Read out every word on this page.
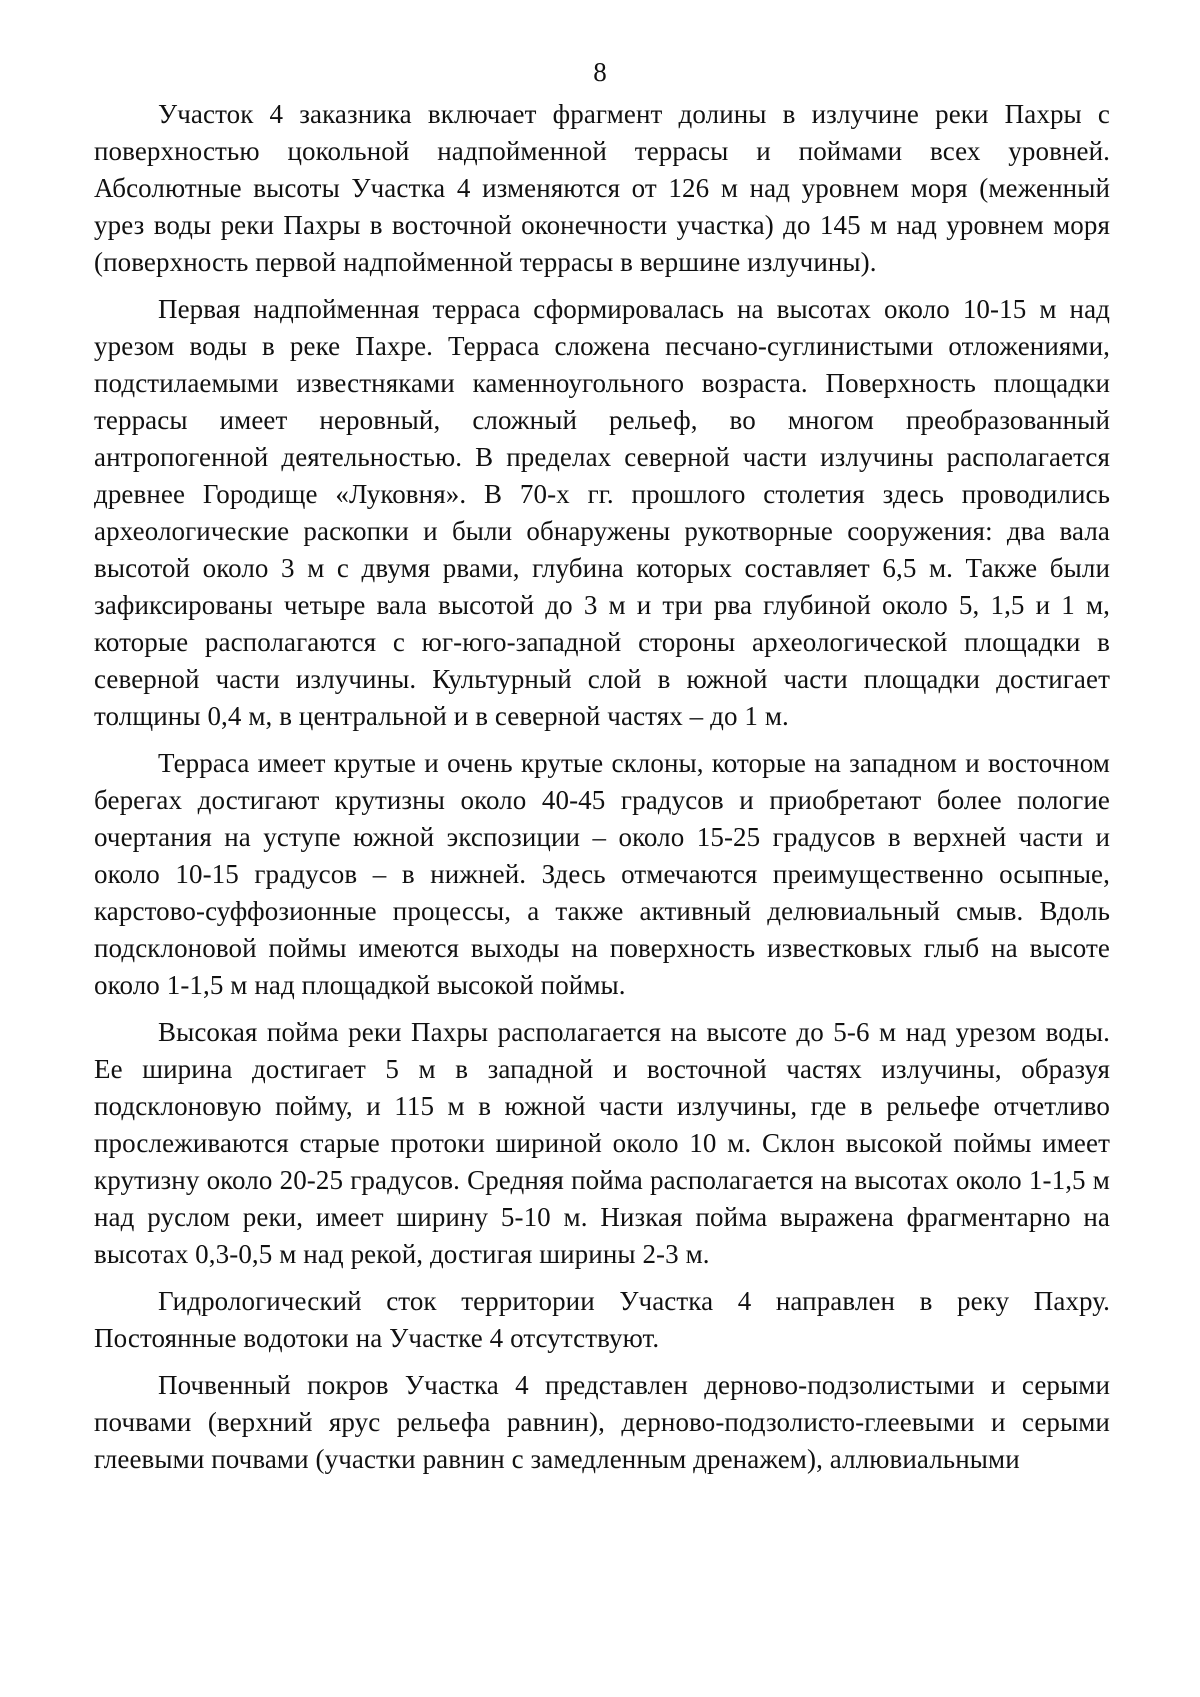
8

Участок 4 заказника включает фрагмент долины в излучине реки Пахры с поверхностью цокольной надпойменной террасы и поймами всех уровней. Абсолютные высоты Участка 4 изменяются от 126 м над уровнем моря (меженный урез воды реки Пахры в восточной оконечности участка) до 145 м над уровнем моря (поверхность первой надпойменной террасы в вершине излучины).

Первая надпойменная терраса сформировалась на высотах около 10-15 м над урезом воды в реке Пахре. Терраса сложена песчано-суглинистыми отложениями, подстилаемыми известняками каменноугольного возраста. Поверхность площадки террасы имеет неровный, сложный рельеф, во многом преобразованный антропогенной деятельностью. В пределах северной части излучины располагается древнее Городище «Луковня». В 70-х гг. прошлого столетия здесь проводились археологические раскопки и были обнаружены рукотворные сооружения: два вала высотой около 3 м с двумя рвами, глубина которых составляет 6,5 м. Также были зафиксированы четыре вала высотой до 3 м и три рва глубиной около 5, 1,5 и 1 м, которые располагаются с юг-юго-западной стороны археологической площадки в северной части излучины. Культурный слой в южной части площадки достигает толщины 0,4 м, в центральной и в северной частях – до 1 м.

Терраса имеет крутые и очень крутые склоны, которые на западном и восточном берегах достигают крутизны около 40-45 градусов и приобретают более пологие очертания на уступе южной экспозиции – около 15-25 градусов в верхней части и около 10-15 градусов – в нижней. Здесь отмечаются преимущественно осыпные, карстово-суффозионные процессы, а также активный делювиальный смыв. Вдоль подсклоновой поймы имеются выходы на поверхность известковых глыб на высоте около 1-1,5 м над площадкой высокой поймы.

Высокая пойма реки Пахры располагается на высоте до 5-6 м над урезом воды. Ее ширина достигает 5 м в западной и восточной частях излучины, образуя подсклоновую пойму, и 115 м в южной части излучины, где в рельефе отчетливо прослеживаются старые протоки шириной около 10 м. Склон высокой поймы имеет крутизну около 20-25 градусов. Средняя пойма располагается на высотах около 1-1,5 м над руслом реки, имеет ширину 5-10 м. Низкая пойма выражена фрагментарно на высотах 0,3-0,5 м над рекой, достигая ширины 2-3 м.

Гидрологический сток территории Участка 4 направлен в реку Пахру. Постоянные водотоки на Участке 4 отсутствуют.

Почвенный покров Участка 4 представлен дерново-подзолистыми и серыми почвами (верхний ярус рельефа равнин), дерново-подзолисто-глеевыми и серыми глеевыми почвами (участки равнин с замедленным дренажем), аллювиальными
